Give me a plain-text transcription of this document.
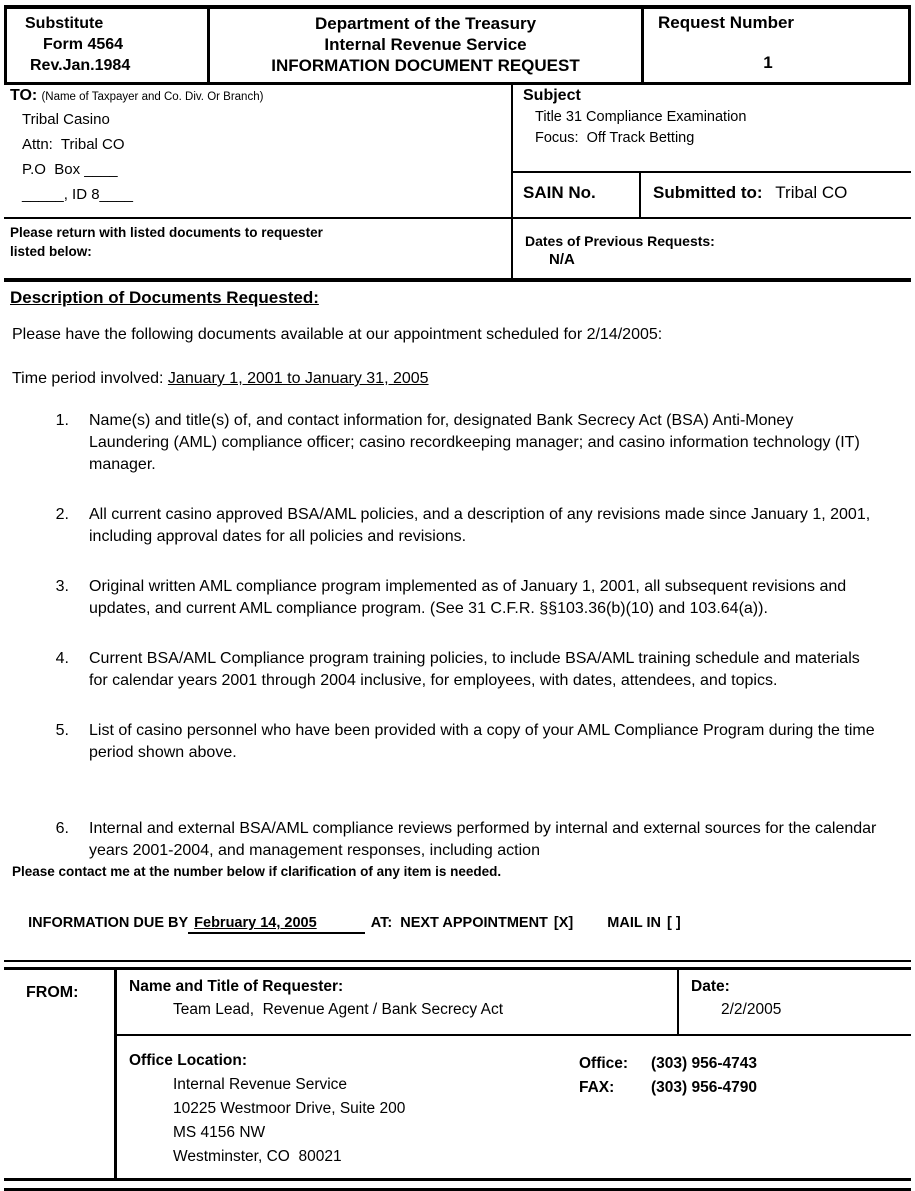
Substitute
Form 4564
Rev.Jan.1984
Department of the Treasury
Internal Revenue Service
INFORMATION DOCUMENT REQUEST
Request Number
1
TO: (Name of Taxpayer and Co. Div. Or Branch)
Tribal Casino
Attn:  Tribal CO
P.O  Box ____
_____, ID 8____
Subject
Title 31 Compliance Examination
Focus:  Off Track Betting
SAIN No.	Submitted to: Tribal CO
Please return with listed documents to requester
listed below:
Dates of Previous Requests:
N/A
Description of Documents Requested:
Please have the following documents available at our appointment scheduled for 2/14/2005:
Time period involved: January 1, 2001 to January 31, 2005
1.	Name(s) and title(s) of, and contact information for, designated Bank Secrecy Act (BSA) Anti-Money Laundering (AML) compliance officer; casino recordkeeping manager; and casino information technology (IT) manager.
2.	All current casino approved BSA/AML policies, and a description of any revisions made since January 1, 2001, including approval dates for all policies and revisions.
3.	Original written AML compliance program implemented as of January 1, 2001, all subsequent revisions and updates, and current AML compliance program. (See 31 C.F.R. §§103.36(b)(10) and 103.64(a)).
4.	Current BSA/AML Compliance program training policies, to include BSA/AML training schedule and materials for calendar years 2001 through 2004 inclusive, for employees, with dates, attendees, and topics.
5.	List of casino personnel who have been provided with a copy of your AML Compliance Program during the time period shown above.
6.	Internal and external BSA/AML compliance reviews performed by internal and external sources for the calendar years 2001-2004, and management responses, including action
Please contact me at the number below if clarification of any item is needed.

INFORMATION DUE BY February 14, 2005	AT:  NEXT APPOINTMENT [X] MAIL IN [ ]

FROM:	Name and Title of Requester:
Team Lead,  Revenue Agent / Bank Secrecy Act
Date:
2/2/2005
Office Location:
Internal Revenue Service
10225 Westmoor Drive, Suite 200
MS 4156 NW
Westminster, CO  80021
Office:	(303) 956-4743
FAX:	(303) 956-4790
